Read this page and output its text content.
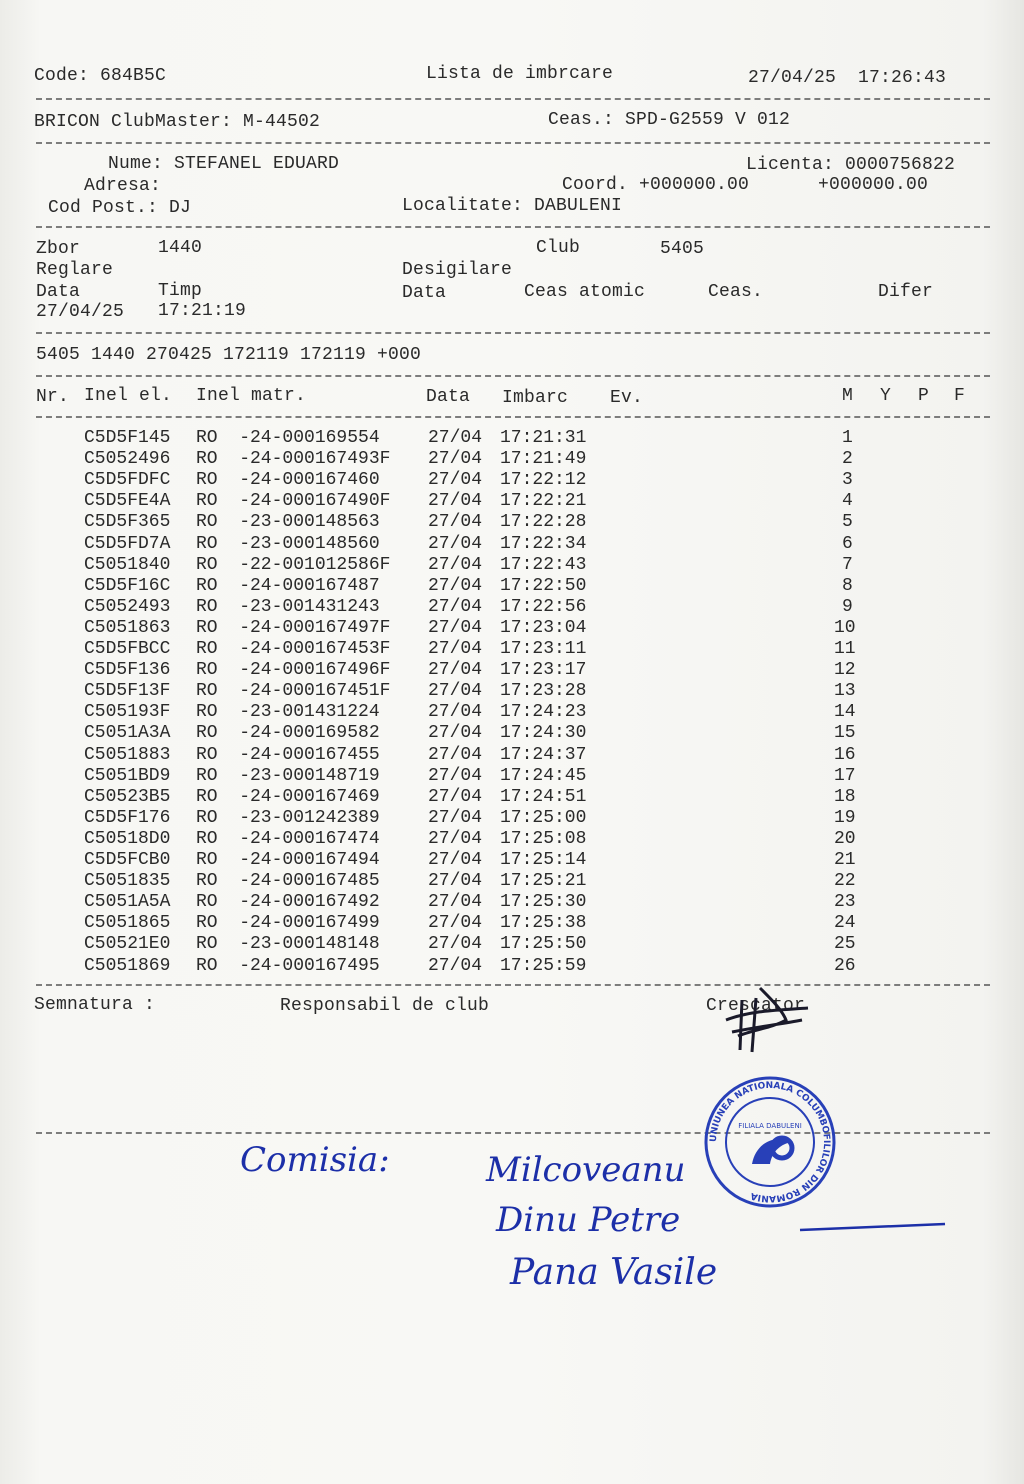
Code: 684B5C	Lista de imbrcare	27/04/25  17:26:43
BRICON ClubMaster: M-44502	Ceas.: SPD-G2559 V 012
Nume: STEFANEL EDUARD	Licenta: 0000756822
Adresa:	Coord. +000000.00	+000000.00
Cod Post.: DJ	Localitate: DABULENI
Zbor	1440	Club	5405
Reglare	Desigilare
Data	Timp	Data	Ceas atomic	Ceas.	Difer
27/04/25 17:21:19
5405 1440 270425 172119 172119 +000
Nr. Inel el. Inel matr.	Data Imbarc Ev.	M Y P F
C5D5F145 RO  -24-000169554 27/04 17:21:31	1
C5052496 RO  -24-000167493F 27/04 17:21:49	2
C5D5FDFC RO  -24-000167460 27/04 17:22:12	3
C5D5FE4A RO  -24-000167490F 27/04 17:22:21	4
C5D5F365 RO  -23-000148563 27/04 17:22:28	5
C5D5FD7A RO  -23-000148560 27/04 17:22:34	6
C5051840 RO  -22-001012586F 27/04 17:22:43	7
C5D5F16C RO  -24-000167487 27/04 17:22:50	8
C5052493 RO  -23-001431243 27/04 17:22:56	9
C5051863 RO  -24-000167497F 27/04 17:23:04	10
C5D5FBCC RO  -24-000167453F 27/04 17:23:11	11
C5D5F136 RO  -24-000167496F 27/04 17:23:17	12
C5D5F13F RO  -24-000167451F 27/04 17:23:28	13
C505193F RO  -23-001431224 27/04 17:24:23	14
C5051A3A RO  -24-000169582 27/04 17:24:30	15
C5051883 RO  -24-000167455 27/04 17:24:37	16
C5051BD9 RO  -23-000148719 27/04 17:24:45	17
C50523B5 RO  -24-000167469 27/04 17:24:51	18
C5D5F176 RO  -23-001242389 27/04 17:25:00	19
C50518D0 RO  -24-000167474 27/04 17:25:08	20
C5D5FCB0 RO  -24-000167494 27/04 17:25:14	21
C5051835 RO  -24-000167485 27/04 17:25:21	22
C5051A5A RO  -24-000167492 27/04 17:25:30	23
C5051865 RO  -24-000167499 27/04 17:25:38	24
C50521E0 RO  -23-000148148 27/04 17:25:50	25
C5051869 RO  -24-000167495 27/04 17:25:59	26
Semnatura :	Responsabil de club	Crescator
UNIUNEA NATIONALA COLUMBOFILILOR DIN ROMANIA
FILIALA DABULENI
Comisia:	Milcoveanu
Dinu Petre
Pana Vasile
